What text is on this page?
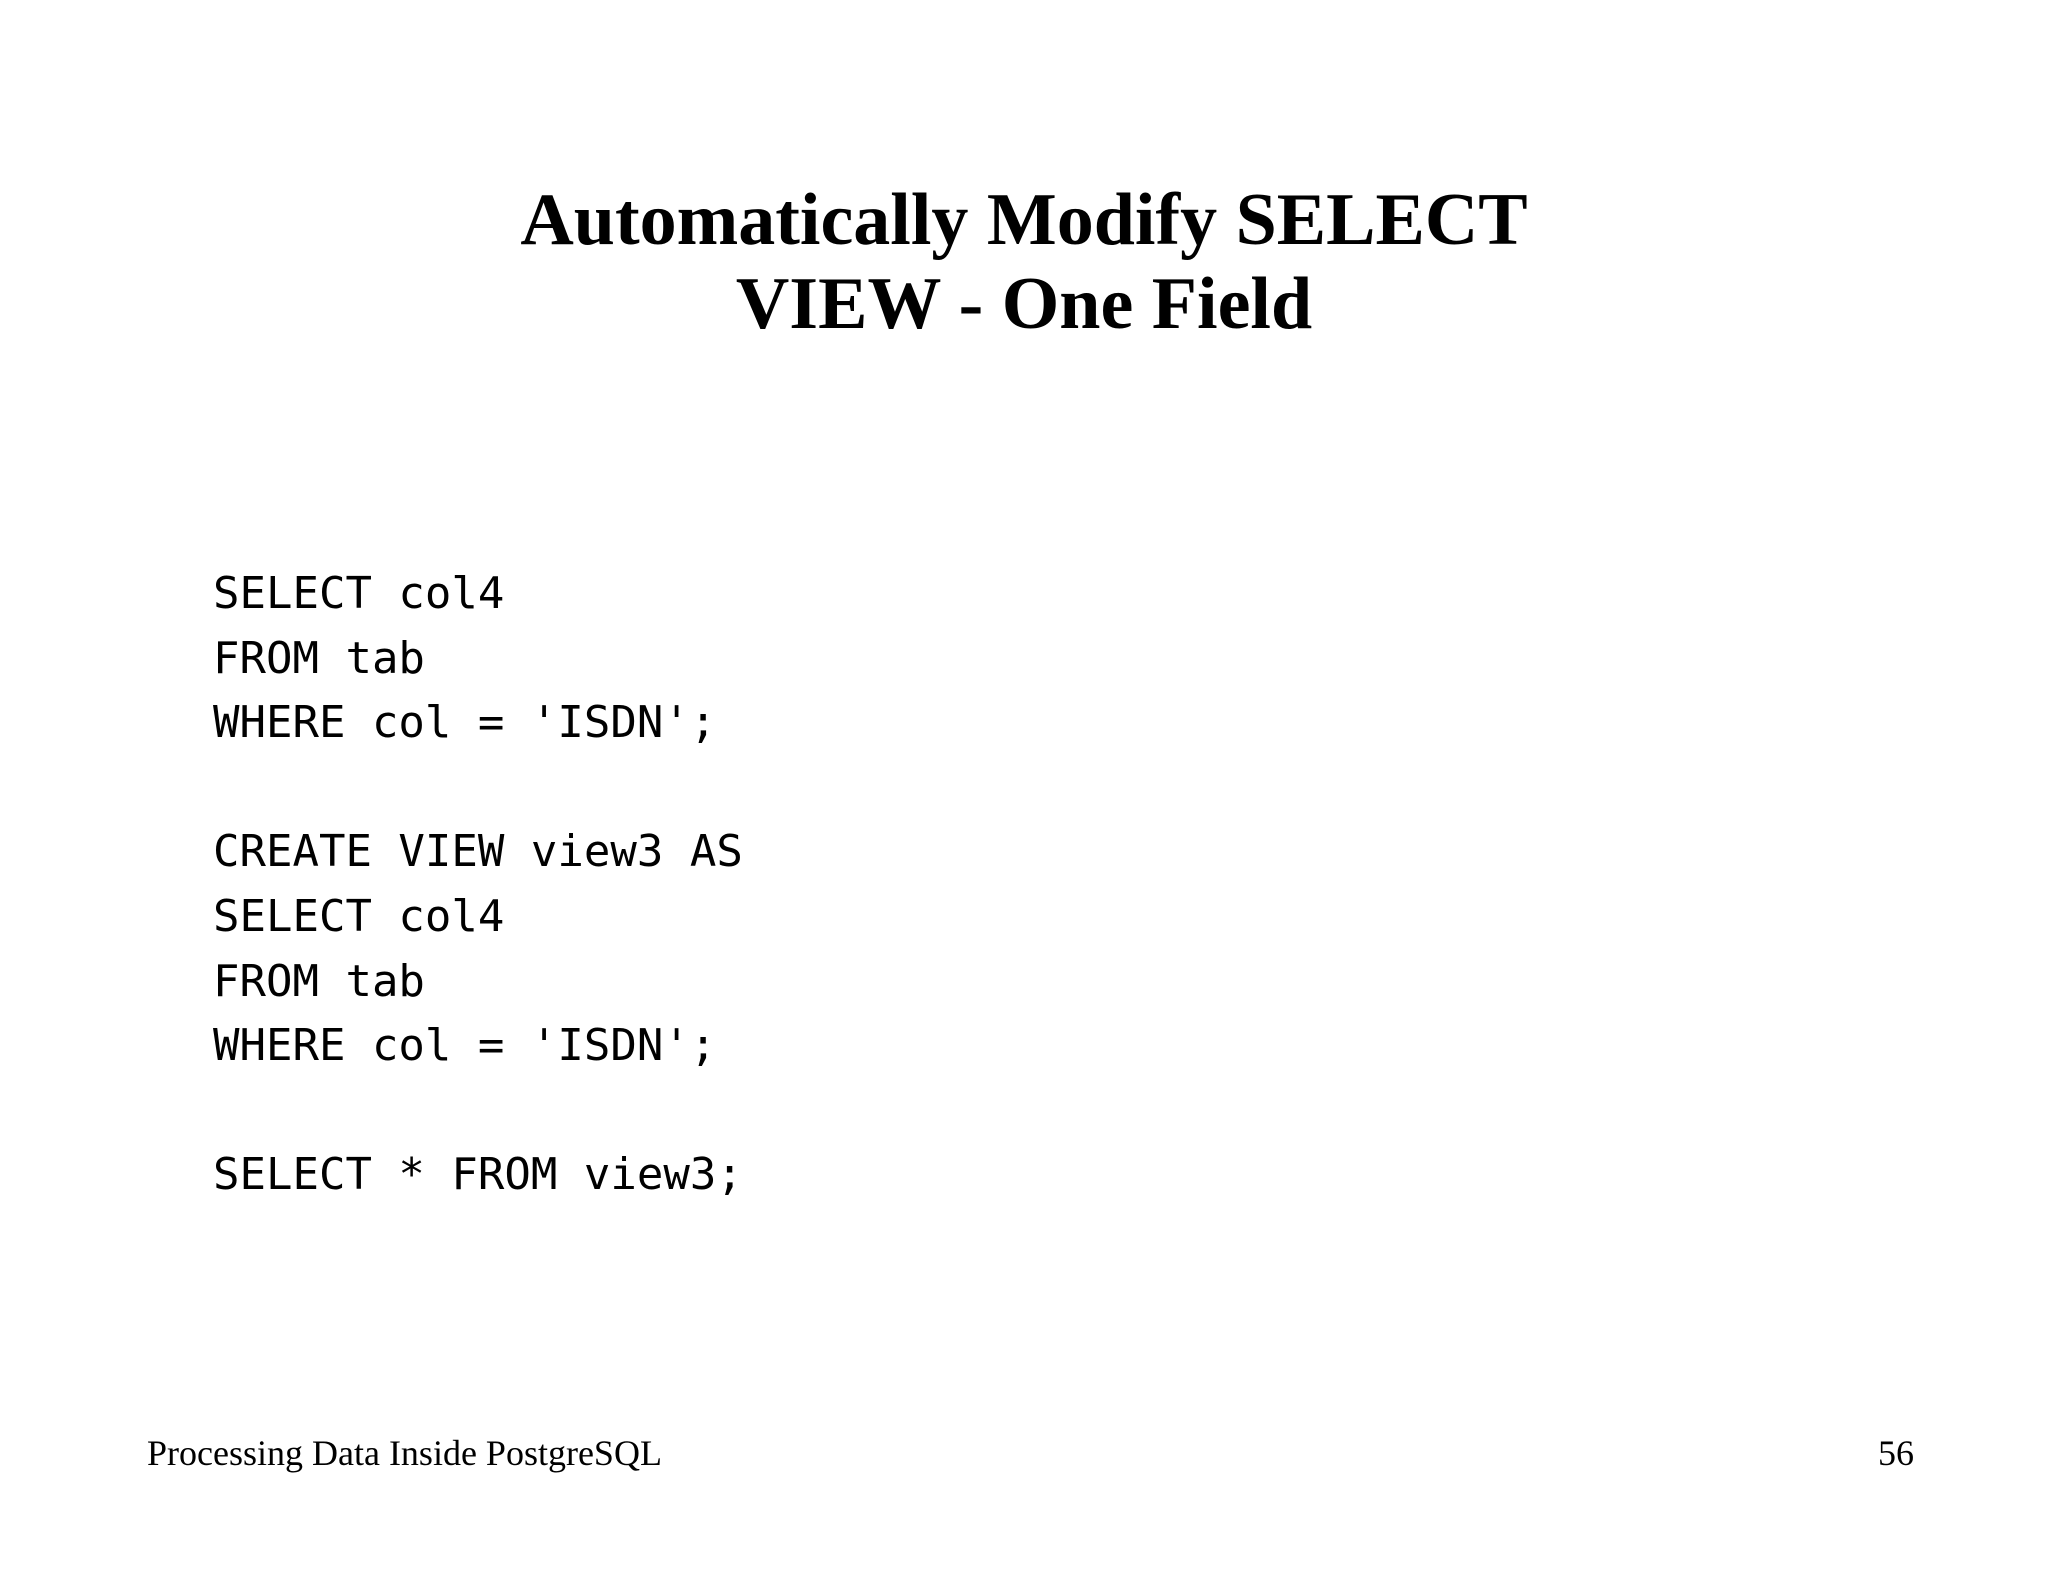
Automatically Modify SELECT
VIEW - One Field
SELECT col4
FROM tab
WHERE col = 'ISDN';
CREATE VIEW view3 AS
SELECT col4
FROM tab
WHERE col = 'ISDN';
SELECT * FROM view3;
Processing Data Inside PostgreSQL	56
